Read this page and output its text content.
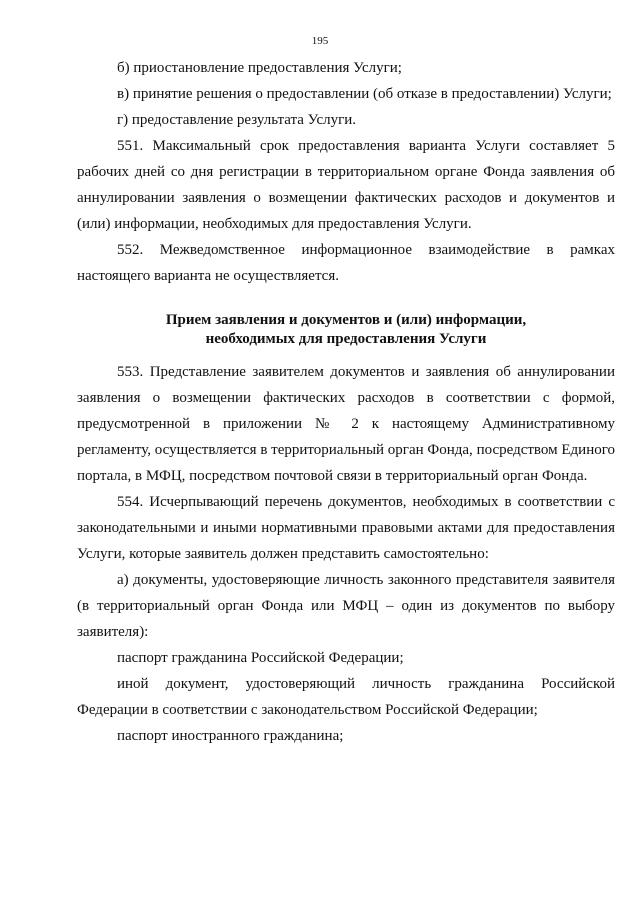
195

б) приостановление предоставления Услуги;

в) принятие решения о предоставлении (об отказе в предоставлении) Услуги;

г) предоставление результата Услуги.

551. Максимальный срок предоставления варианта Услуги составляет 5 рабочих дней со дня регистрации в территориальном органе Фонда заявления об аннулировании заявления о возмещении фактических расходов и документов и (или) информации, необходимых для предоставления Услуги.

552. Межведомственное информационное взаимодействие в рамках настоящего варианта не осуществляется.

Прием заявления и документов и (или) информации,
необходимых для предоставления Услуги

553. Представление заявителем документов и заявления об аннулировании заявления о возмещении фактических расходов в соответствии с формой, предусмотренной в приложении № 2 к настоящему Административному регламенту, осуществляется в территориальный орган Фонда, посредством Единого портала, в МФЦ, посредством почтовой связи в территориальный орган Фонда.

554. Исчерпывающий перечень документов, необходимых в соответствии с законодательными и иными нормативными правовыми актами для предоставления Услуги, которые заявитель должен представить самостоятельно:

а) документы, удостоверяющие личность законного представителя заявителя (в территориальный орган Фонда или МФЦ – один из документов по выбору заявителя):

паспорт гражданина Российской Федерации;

иной документ, удостоверяющий личность гражданина Российской Федерации в соответствии с законодательством Российской Федерации;

паспорт иностранного гражданина;
